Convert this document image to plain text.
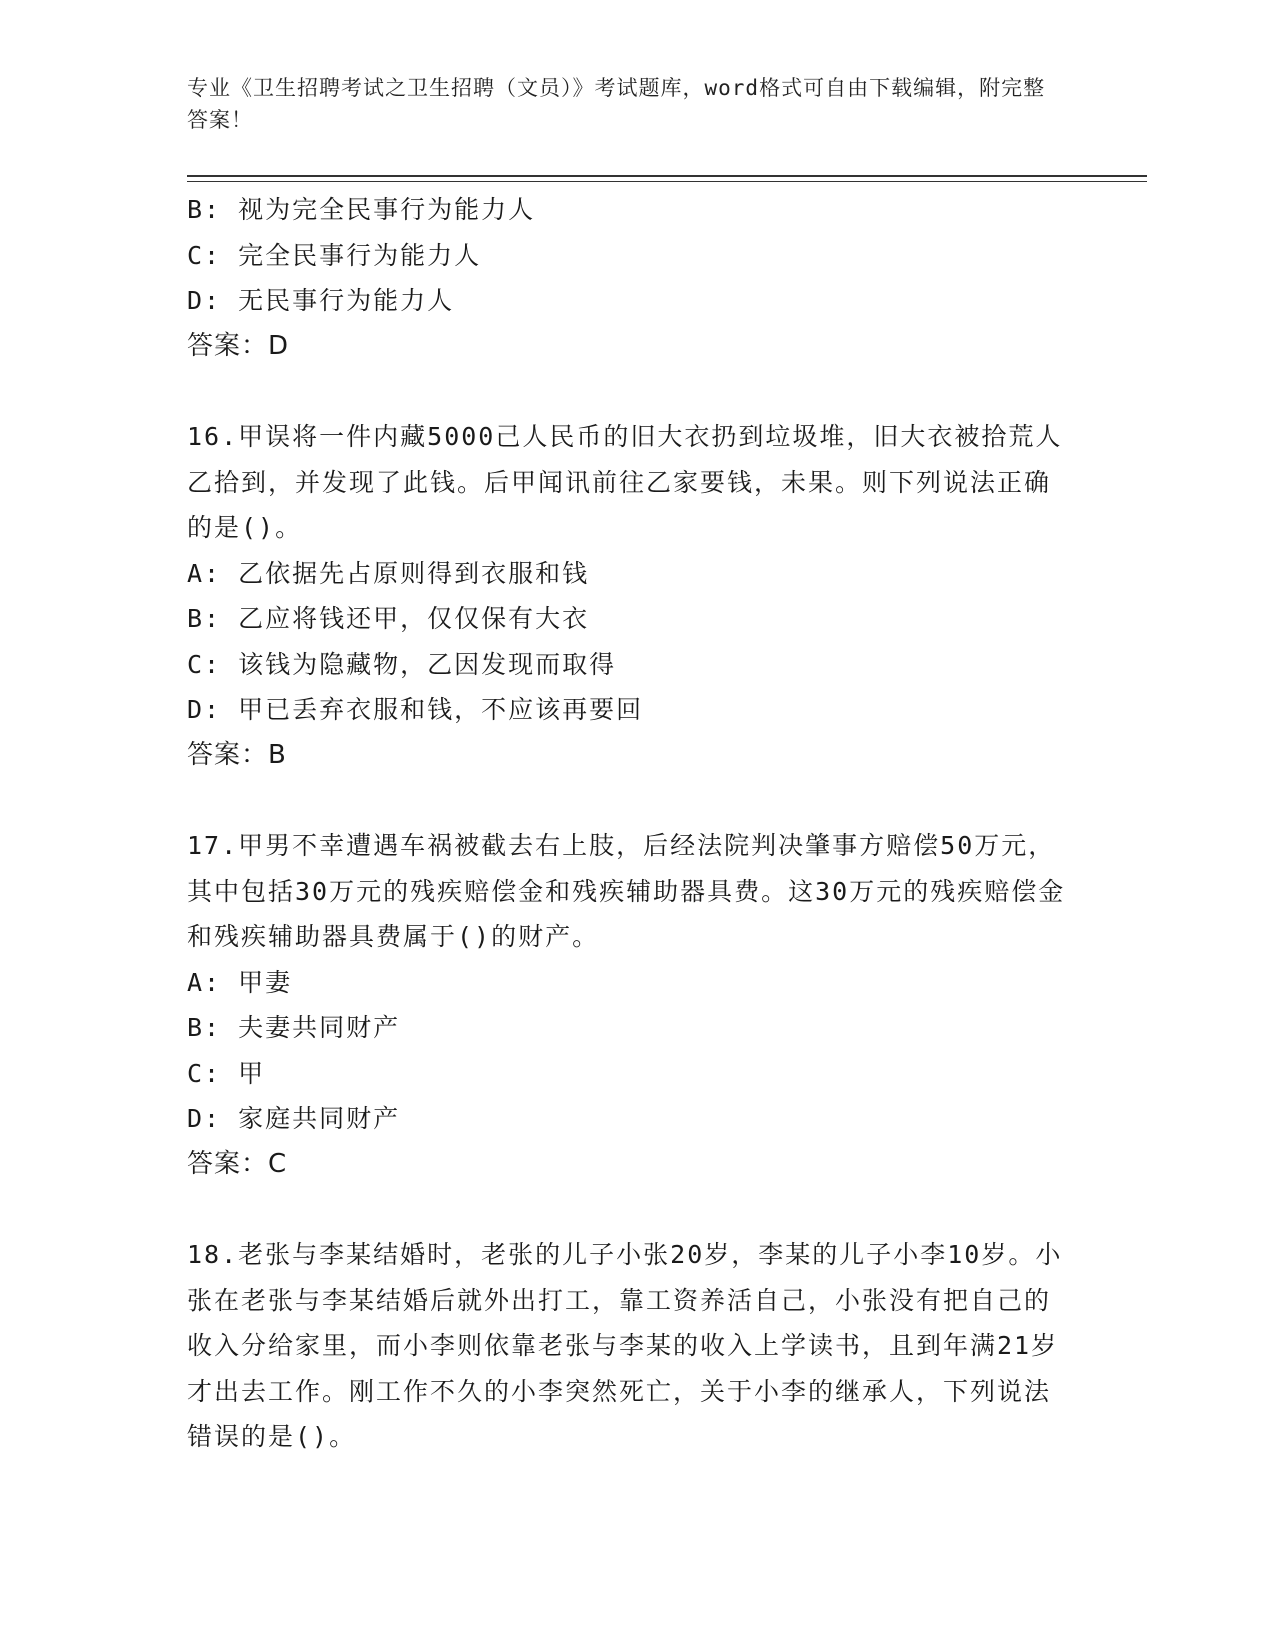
专业《卫生招聘考试之卫生招聘（文员）》考试题库，word格式可自由下载编辑，附完整答案！

B: 视为完全民事行为能力人

C: 完全民事行为能力人

D: 无民事行为能力人

答案：D

16.甲误将一件内藏5000己人民币的旧大衣扔到垃圾堆，旧大衣被拾荒人乙拾到，并发现了此钱。后甲闻讯前往乙家要钱，未果。则下列说法正确的是()。

A: 乙依据先占原则得到衣服和钱

B: 乙应将钱还甲，仅仅保有大衣

C: 该钱为隐藏物，乙因发现而取得

D: 甲已丢弃衣服和钱，不应该再要回

答案：B

17.甲男不幸遭遇车祸被截去右上肢，后经法院判决肇事方赔偿50万元，其中包括30万元的残疾赔偿金和残疾辅助器具费。这30万元的残疾赔偿金和残疾辅助器具费属于()的财产。

A: 甲妻

B: 夫妻共同财产

C: 甲

D: 家庭共同财产

答案：C

18.老张与李某结婚时，老张的儿子小张20岁，李某的儿子小李10岁。小张在老张与李某结婚后就外出打工，靠工资养活自己，小张没有把自己的收入分给家里，而小李则依靠老张与李某的收入上学读书，且到年满21岁才出去工作。刚工作不久的小李突然死亡，关于小李的继承人，下列说法错误的是()。
